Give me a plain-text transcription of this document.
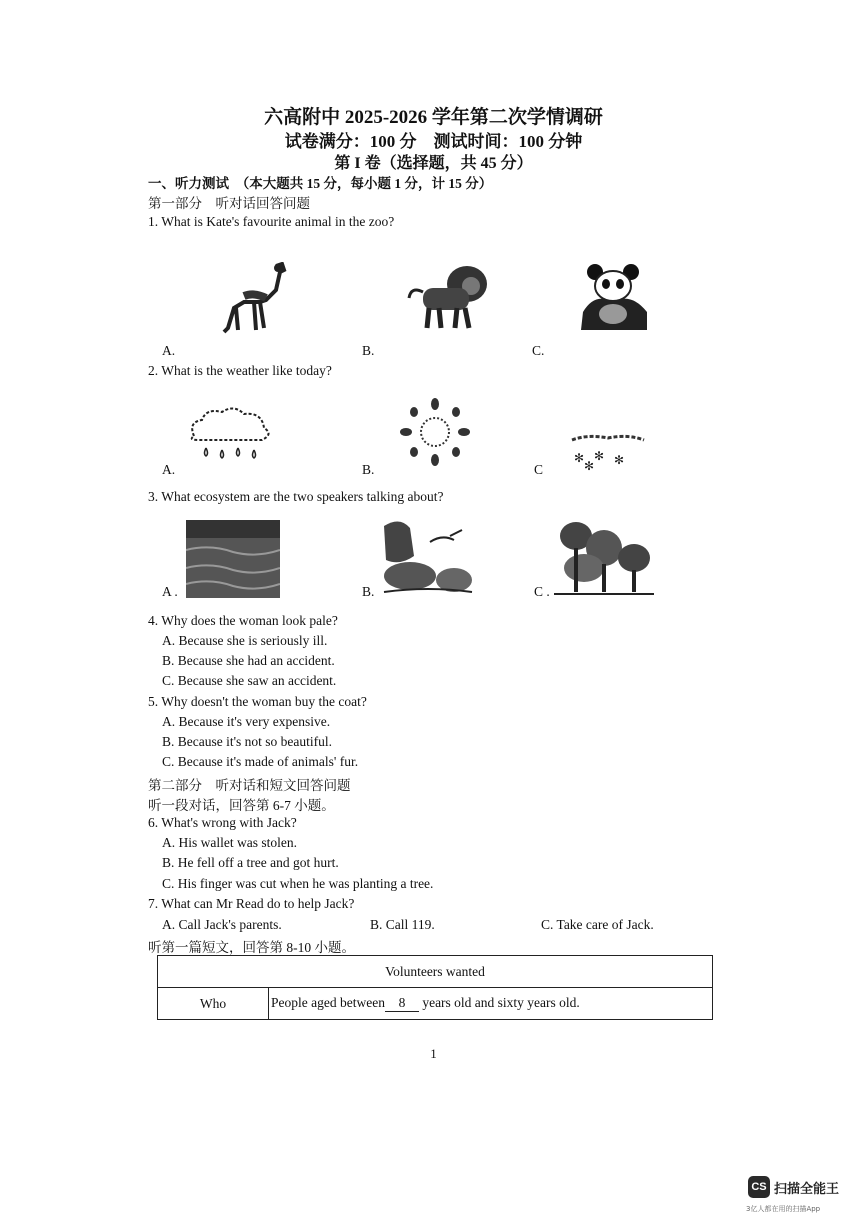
六高附中 2025-2026 学年第二次学情调研
试卷满分：100 分　测试时间：100 分钟
第 I 卷（选择题，共 45 分）
一、听力测试　（本大题共 15 分，每小题 1 分，计 15 分）
第一部分　听对话回答问题
1. What is Kate's favourite animal in the zoo?
A.	B.	C.
2. What is the weather like today?
✻ ✻ ✻
✻
A.	B.	C
3. What ecosystem are the two speakers talking about?
A .	B.	C .
4. Why does the woman look pale?
A. Because she is seriously ill.
B. Because she had an accident.
C. Because she saw an accident.
5. Why doesn't the woman buy the coat?
A. Because it's very expensive.
B. Because it's not so beautiful.
C. Because it's made of animals' fur.
第二部分　听对话和短文回答问题
听一段对话，回答第 6-7 小题。
6. What's wrong with Jack?
A. His wallet was stolen.
B. He fell off a tree and got hurt.
C. His finger was cut when he was planting a tree.
7. What can Mr Read do to help Jack?
A. Call Jack's parents.	B. Call 119.	C. Take care of Jack.
听第一篇短文，回答第 8-10 小题。
Volunteers wanted
Who	People aged between 8 years old and sixty years old.
1
CS 扫描全能王
3亿人都在用的扫描App
